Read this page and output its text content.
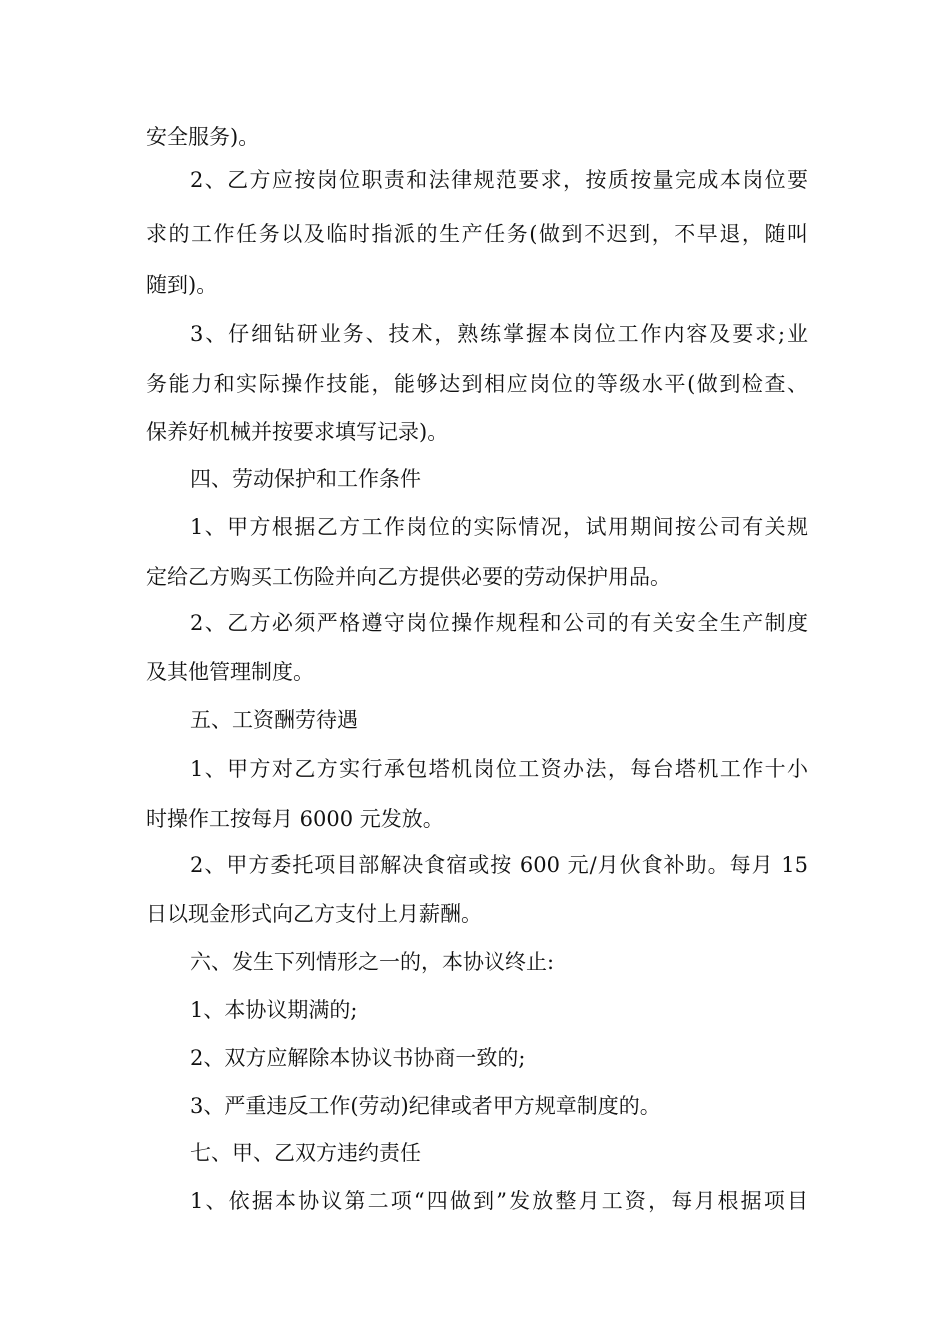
安全服务)。
2、乙方应按岗位职责和法律规范要求，按质按量完成本岗位要
求的工作任务以及临时指派的生产任务(做到不迟到，不早退，随叫
随到)。
3、仔细钻研业务、技术，熟练掌握本岗位工作内容及要求;业
务能力和实际操作技能，能够达到相应岗位的等级水平(做到检查、
保养好机械并按要求填写记录)。
四、劳动保护和工作条件
1、甲方根据乙方工作岗位的实际情况，试用期间按公司有关规
定给乙方购买工伤险并向乙方提供必要的劳动保护用品。
2、乙方必须严格遵守岗位操作规程和公司的有关安全生产制度
及其他管理制度。
五、工资酬劳待遇
1、甲方对乙方实行承包塔机岗位工资办法，每台塔机工作十小
时操作工按每月 6000 元发放。
2、甲方委托项目部解决食宿或按 600 元/月伙食补助。每月 15
日以现金形式向乙方支付上月薪酬。
六、发生下列情形之一的，本协议终止:
1、本协议期满的;
2、双方应解除本协议书协商一致的;
3、严重违反工作(劳动)纪律或者甲方规章制度的。
七、甲、乙双方违约责任
1、依据本协议第二项“四做到”发放整月工资，每月根据项目
